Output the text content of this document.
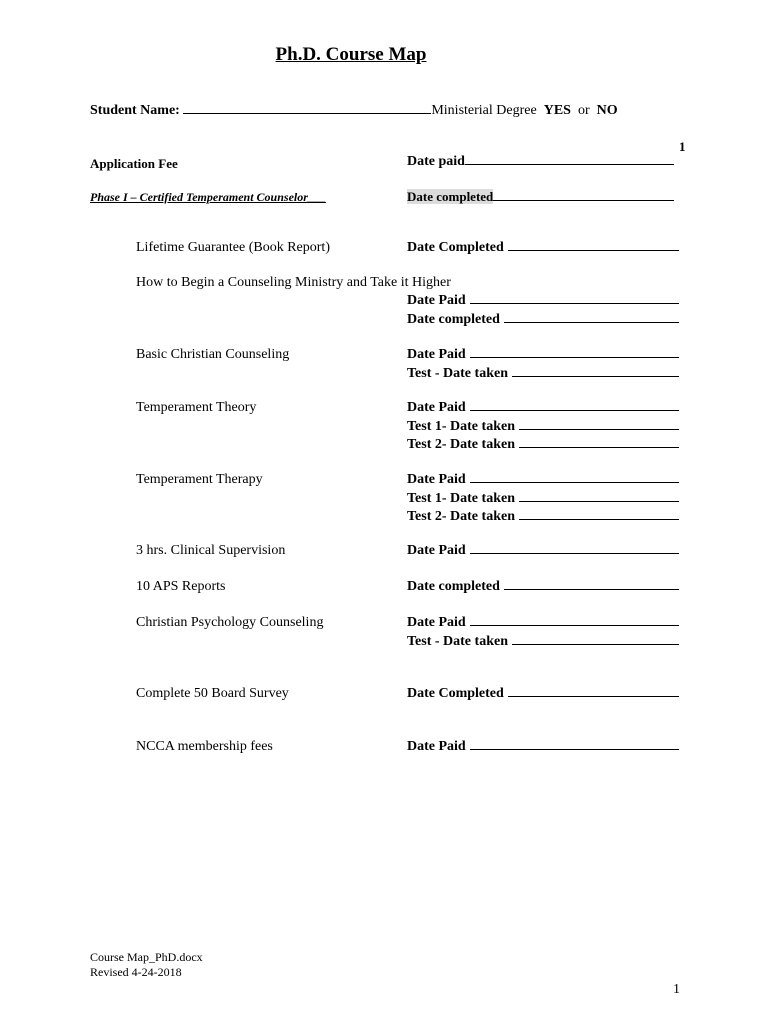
Ph.D. Course Map
Student Name:	Ministerial Degree YES or NO
1
Application Fee	Date paid
Phase I – Certified Temperament Counselor___	Date completed
Lifetime Guarantee (Book Report)	Date Completed
How to Begin a Counseling Ministry and Take it Higher
Date Paid
Date completed
Basic Christian Counseling	Date Paid
Test - Date taken
Temperament Theory	Date Paid
Test 1- Date taken
Test 2- Date taken
Temperament Therapy	Date Paid
Test 1- Date taken
Test 2- Date taken
3 hrs. Clinical Supervision	Date Paid
10 APS Reports	Date completed
Christian Psychology Counseling	Date Paid
Test - Date taken
Complete 50 Board Survey	Date Completed
NCCA membership fees	Date Paid
Course Map_PhD.docx
Revised 4-24-2018
1
